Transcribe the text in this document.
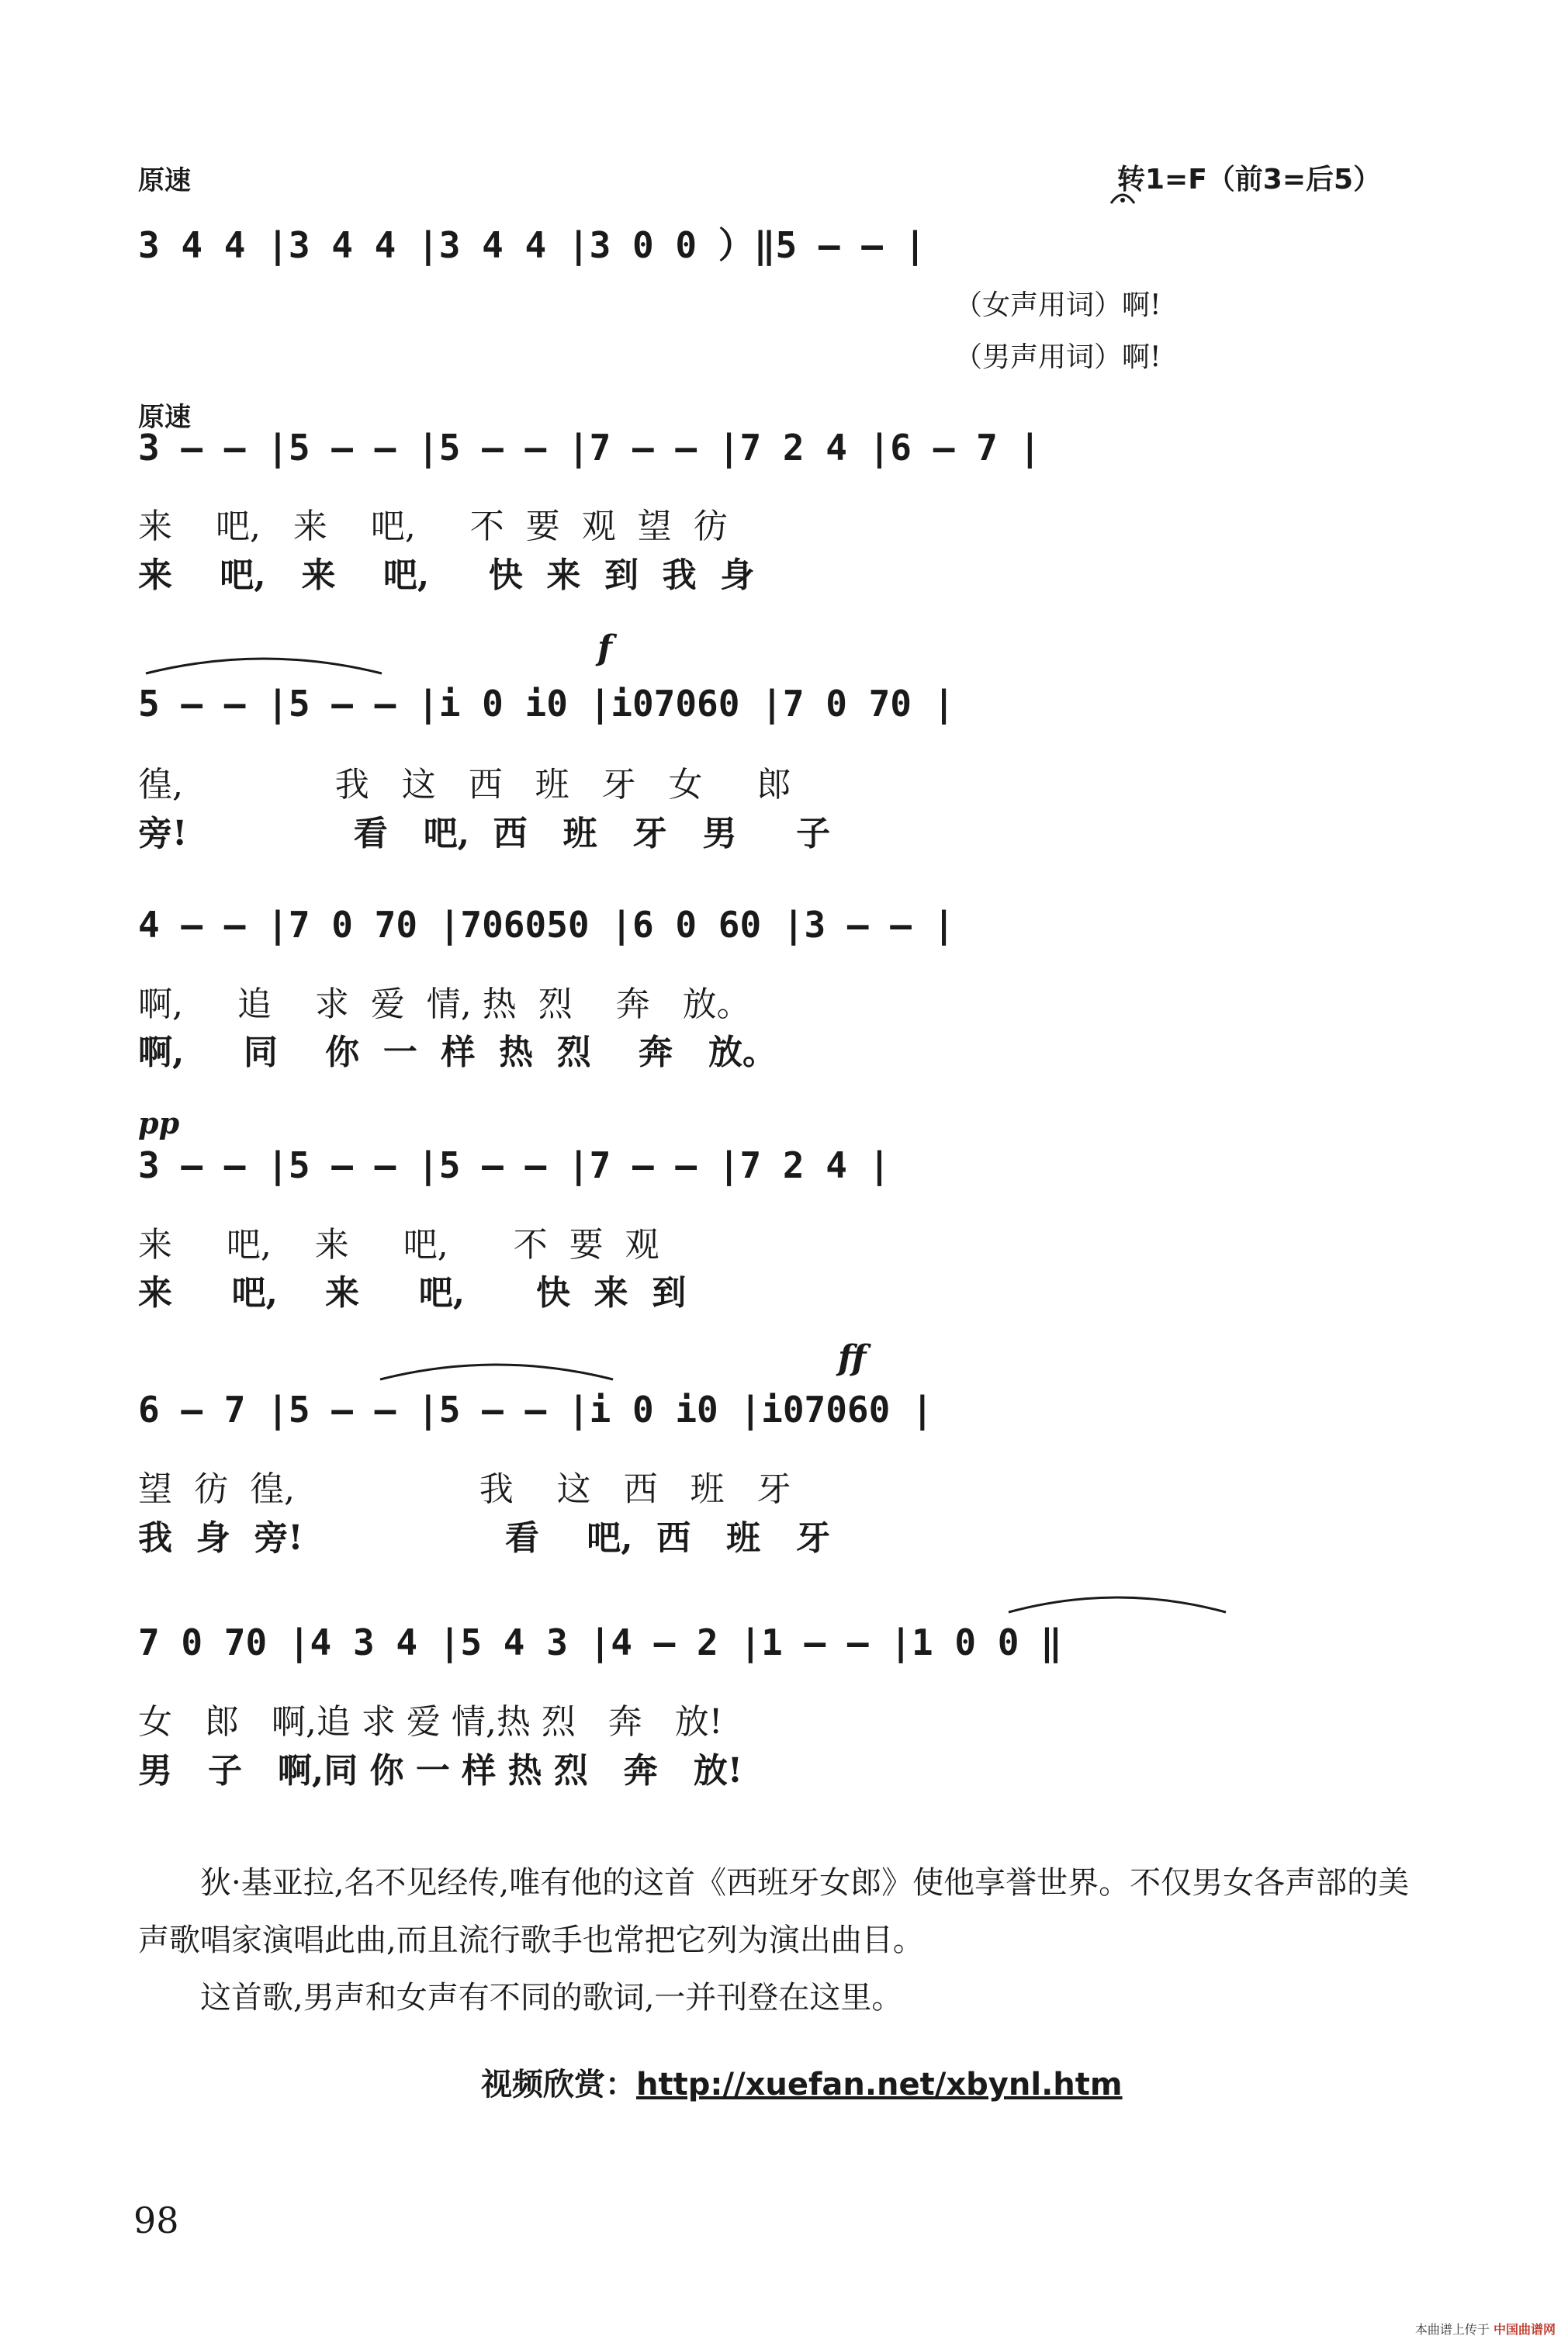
原速	转1=F（前3=后5）
3 4 4 |3 4 4 |3 4 4 |3 0 0 ）‖5 – – |
（女声用词）啊!
（男声用词）啊!
原速
3 – – |5 – – |5 – – |7 – – |7 2 4 |6 – 7 |
来    吧,   来    吧,     不  要  观  望  彷
来    吧,   来    吧,     快  来  到  我  身
f
5 – – |5 – – |i 0 i0 |i07060 |7 0 70 |
徨,              我   这   西   班   牙   女     郎
旁!              看   吧,  西   班   牙   男     子
4 – – |7 0 70 |706050 |6 0 60 |3 – – |
啊,     追    求  爱  情, 热  烈    奔   放。
啊,     同    你  一  样  热  烈    奔   放。
pp
3 – – |5 – – |5 – – |7 – – |7 2 4 |
来     吧,    来     吧,      不  要  观
来     吧,    来     吧,      快  来  到
ff
6 – 7 |5 – – |5 – – |i 0 i0 |i07060 |
望  彷  徨,                 我    这   西   班   牙
我  身  旁!                 看    吧,  西   班   牙
7 0 70 |4 3 4 |5 4 3 |4 – 2 |1 – – |1 0 0 ‖
女   郎   啊,追 求 爱 情,热 烈   奔   放!
男   子   啊,同 你 一 样 热 烈   奔   放!

狄·基亚拉,名不见经传,唯有他的这首《西班牙女郎》使他享誉世界。不仅男女各声部的美声歌唱家演唱此曲,而且流行歌手也常把它列为演出曲目。

这首歌,男声和女声有不同的歌词,一并刊登在这里。

视频欣赏：http://xuefan.net/xbynl.htm
98
本曲谱上传于 中国曲谱网
